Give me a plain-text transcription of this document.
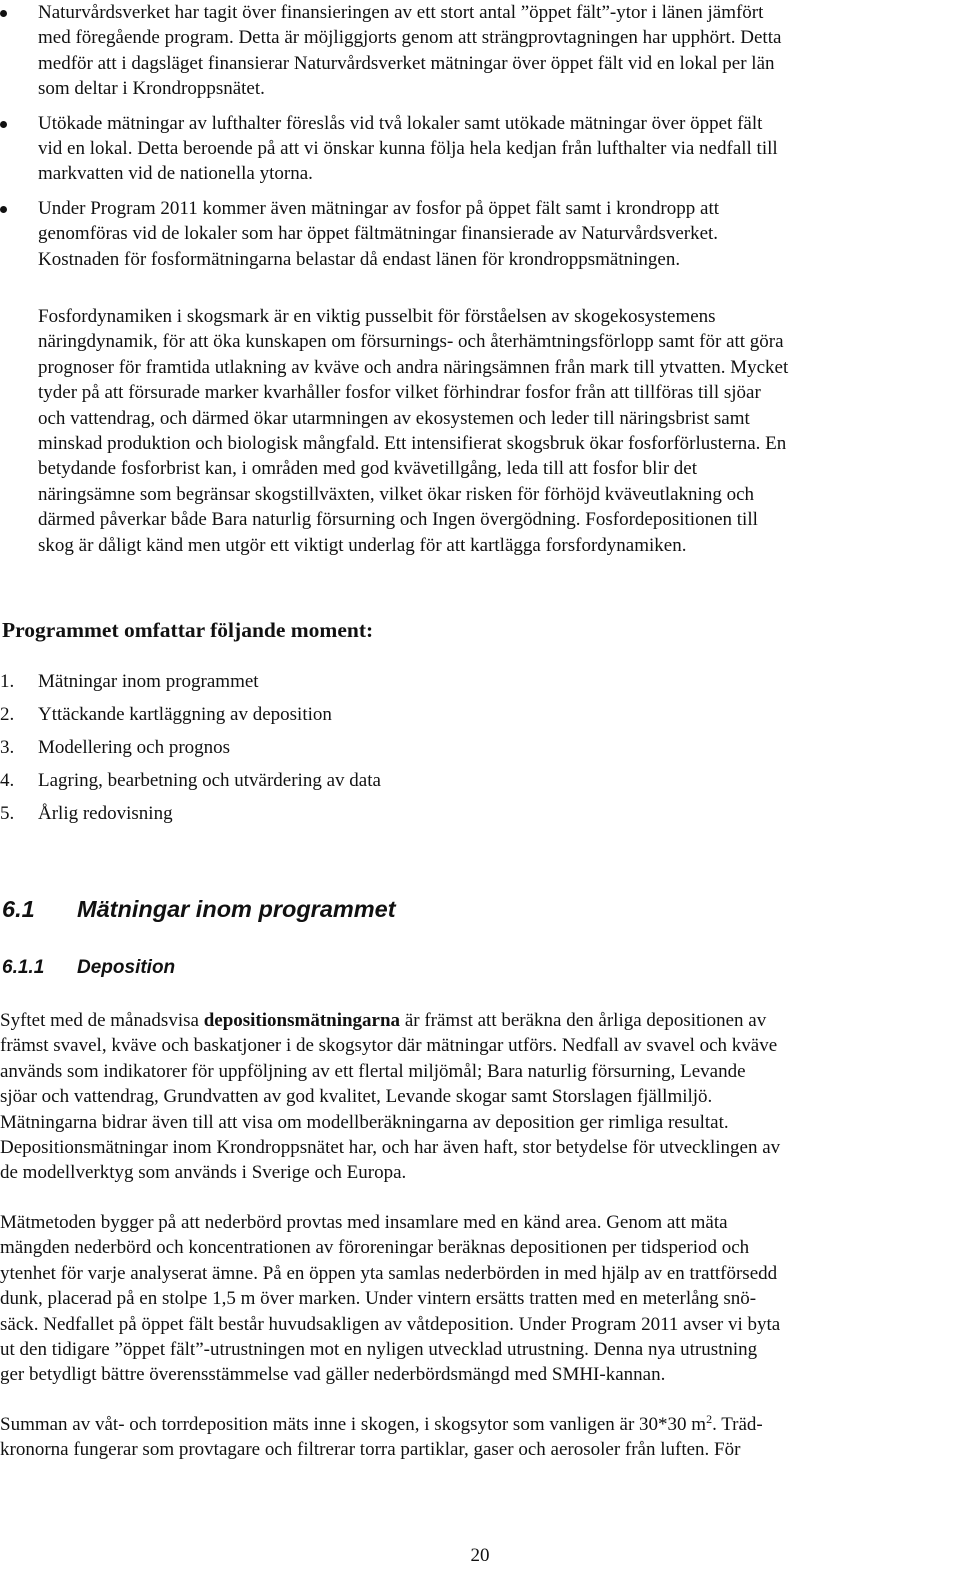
Naturvårdsverket har tagit över finansieringen av ett stort antal ”öppet fält”-ytor i länen jämfört
med föregående program. Detta är möjliggjorts genom att strängprovtagningen har upphört. Detta
medför att i dagsläget finansierar Naturvårdsverket mätningar över öppet fält vid en lokal per län
som deltar i Krondroppsnätet.
Utökade mätningar av lufthalter föreslås vid två lokaler samt utökade mätningar över öppet fält
vid en lokal. Detta beroende på att vi önskar kunna följa hela kedjan från lufthalter via nedfall till
markvatten vid de nationella ytorna.
Under Program 2011 kommer även mätningar av fosfor på öppet fält samt i krondropp att
genomföras vid de lokaler som har öppet fältmätningar finansierade av Naturvårdsverket.
Kostnaden för fosformätningarna belastar då endast länen för krondroppsmätningen.
Fosfordynamiken i skogsmark är en viktig pusselbit för förståelsen av skogekosystemens
näringdynamik, för att öka kunskapen om försurnings- och återhämtningsförlopp samt för att göra
prognoser för framtida utlakning av kväve och andra näringsämnen från mark till ytvatten. Mycket
tyder på att försurade marker kvarhåller fosfor vilket förhindrar fosfor från att tillföras till sjöar
och vattendrag, och därmed ökar utarmningen av ekosystemen och leder till näringsbrist samt
minskad produktion och biologisk mångfald. Ett intensifierat skogsbruk ökar fosforförlusterna. En
betydande fosforbrist kan, i områden med god kvävetillgång, leda till att fosfor blir det
näringsämne som begränsar skogstillväxten, vilket ökar risken för förhöjd kväveutlakning och
därmed påverkar både Bara naturlig försurning och Ingen övergödning. Fosfordepositionen till
skog är dåligt känd men utgör ett viktigt underlag för att kartlägga forsfordynamiken.
Programmet omfattar följande moment:
1. Mätningar inom programmet
2. Yttäckande kartläggning av deposition
3. Modellering och prognos
4. Lagring, bearbetning och utvärdering av data
5. Årlig redovisning
6.1 Mätningar inom programmet
6.1.1 Deposition
Syftet med de månadsvisa depositionsmätningarna är främst att beräkna den årliga depositionen av
främst svavel, kväve och baskatjoner i de skogsytor där mätningar utförs. Nedfall av svavel och kväve
används som indikatorer för uppföljning av ett flertal miljömål; Bara naturlig försurning, Levande
sjöar och vattendrag, Grundvatten av god kvalitet, Levande skogar samt Storslagen fjällmiljö.
Mätningarna bidrar även till att visa om modellberäkningarna av deposition ger rimliga resultat.
Depositionsmätningar inom Krondroppsnätet har, och har även haft, stor betydelse för utvecklingen av
de modellverktyg som används i Sverige och Europa.
Mätmetoden bygger på att nederbörd provtas med insamlare med en känd area. Genom att mäta
mängden nederbörd och koncentrationen av föroreningar beräknas depositionen per tidsperiod och
ytenhet för varje analyserat ämne. På en öppen yta samlas nederbörden in med hjälp av en trattförsedd
dunk, placerad på en stolpe 1,5 m över marken. Under vintern ersätts tratten med en meterlång snö-
säck. Nedfallet på öppet fält består huvudsakligen av våtdeposition. Under Program 2011 avser vi byta
ut den tidigare ”öppet fält”-utrustningen mot en nyligen utvecklad utrustning. Denna nya utrustning
ger betydligt bättre överensstämmelse vad gäller nederbördsmängd med SMHI-kannan.
Summan av våt- och torrdeposition mäts inne i skogen, i skogsytor som vanligen är 30*30 $m^2$. Träd-
kronorna fungerar som provtagare och filtrerar torra partiklar, gaser och aerosoler från luften. För

20
